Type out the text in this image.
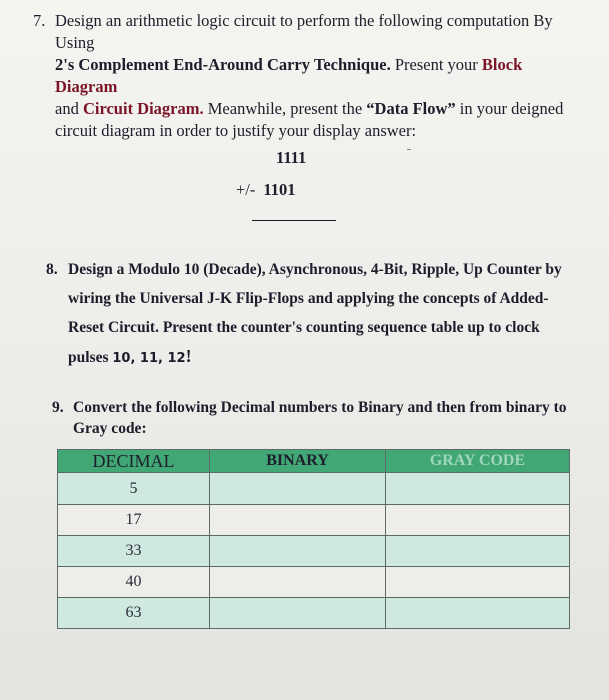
7. Design an arithmetic logic circuit to perform the following computation By Using
2's Complement End-Around Carry Technique. Present your Block Diagram
and Circuit Diagram. Meanwhile, present the “Data Flow” in your deigned
circuit diagram in order to justify your display answer:
1111
+/- 1101
8. Design a Modulo 10 (Decade), Asynchronous, 4-Bit, Ripple, Up Counter by
wiring the Universal J-K Flip-Flops and applying the concepts of Added-
Reset Circuit. Present the counter's counting sequence table up to clock
pulses 10, 11, 12!
9. Convert the following Decimal numbers to Binary and then from binary to
Gray code:
DECIMAL	BINARY	GRAY CODE
5		
17		
33		
40		
63		
